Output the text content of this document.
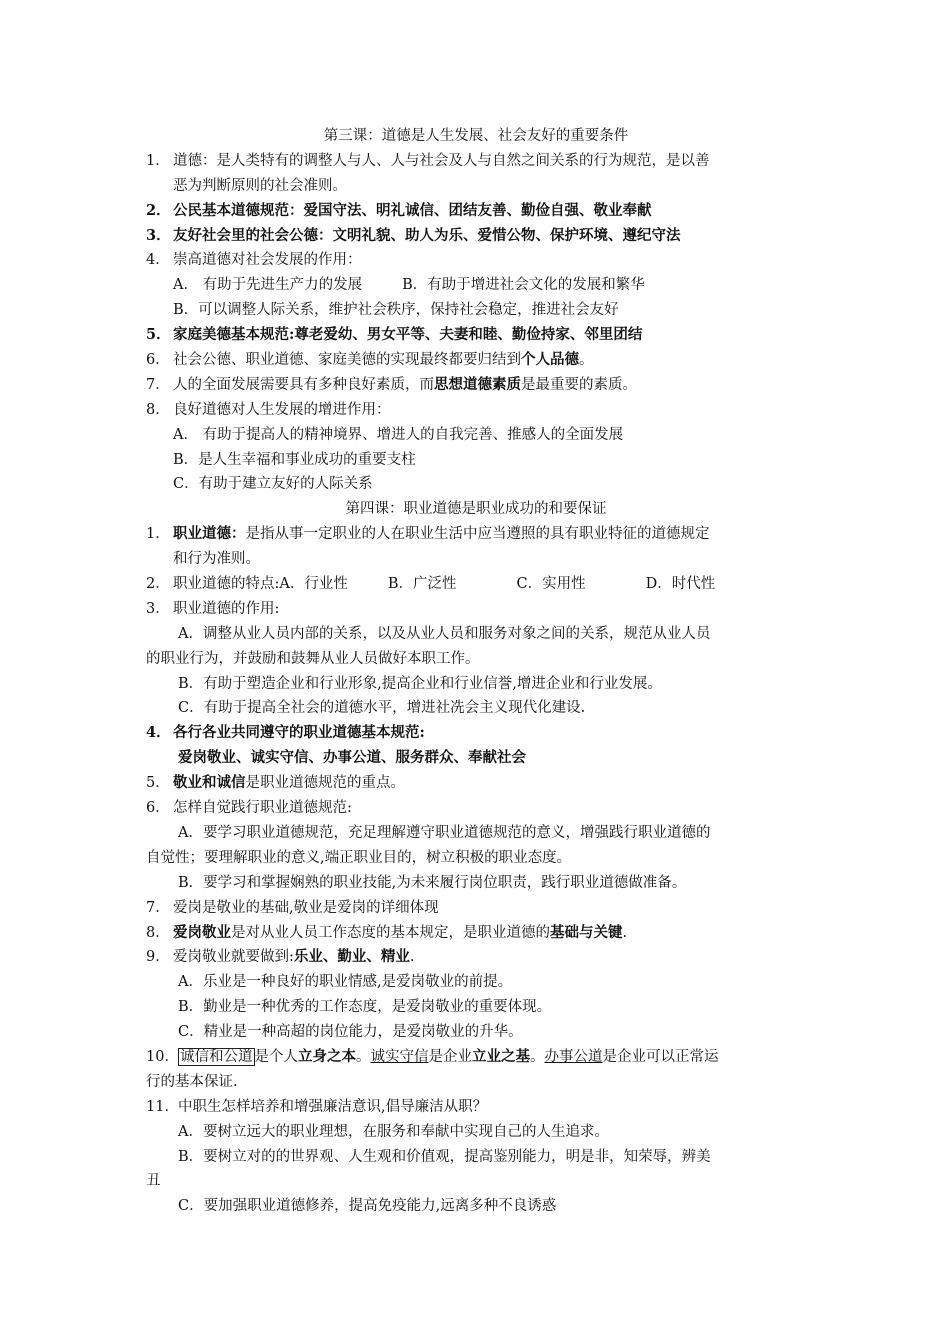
第三课：道德是人生发展、社会友好的重要条件
1． 道德：是人类特有的调整人与人、人与社会及人与自然之间关系的行为规范，是以善
恶为判断原则的社会准则。
2． 公民基本道德规范：爱国守法、明礼诚信、团结友善、勤俭自强、敬业奉献
3． 友好社会里的社会公德：文明礼貌、助人为乐、爱惜公物、保护环境、遵纪守法
4． 崇高道德对社会发展的作用：
A． 有助于先进生产力的发展	B．有助于增进社会文化的发展和繁华
B．可以调整人际关系，维护社会秩序，保持社会稳定，推进社会友好
5． 家庭美德基本规范:尊老爱幼、男女平等、夫妻和睦、勤俭持家、邻里团结
6． 社会公德、职业道德、家庭美德的实现最终都要归结到个人品德。
7． 人的全面发展需要具有多种良好素质，而思想道德素质是最重要的素质。
8． 良好道德对人生发展的增进作用：
A． 有助于提高人的精神境界、增进人的自我完善、推感人的全面发展
B．是人生幸福和事业成功的重要支柱
C．有助于建立友好的人际关系
第四课：职业道德是职业成功的和要保证
1． 职业道德：是指从事一定职业的人在职业生活中应当遵照的具有职业特征的道德规定
和行为准则。
2． 职业道德的特点:A．行业性	B．广泛性	C．实用性	D．时代性
3． 职业道德的作用:
A．调整从业人员内部的关系，以及从业人员和服务对象之间的关系，规范从业人员
的职业行为，并鼓励和鼓舞从业人员做好本职工作。
B．有助于塑造企业和行业形象,提高企业和行业信誉,增进企业和行业发展。
C．有助于提高全社会的道德水平，增进社冼会主义现代化建设.
4． 各行各业共同遵守的职业道德基本规范:
爱岗敬业、诚实守信、办事公道、服务群众、奉献社会
5． 敬业和诚信是职业道德规范的重点。
6． 怎样自觉践行职业道德规范:
A．要学习职业道德规范，充足理解遵守职业道德规范的意义，增强践行职业道德的
自觉性；要理解职业的意义,端正职业目的，树立积极的职业态度。
B．要学习和掌握娴熟的职业技能,为未来履行岗位职责，践行职业道德做准备。
7． 爱岗是敬业的基础,敬业是爱岗的详细体现
8． 爱岗敬业是对从业人员工作态度的基本规定，是职业道德的基础与关键.
9． 爱岗敬业就要做到:乐业、勤业、精业.
A．乐业是一种良好的职业情感,是爱岗敬业的前提。
B．勤业是一种优秀的工作态度，是爱岗敬业的重要体现。
C．精业是一种高超的岗位能力，是爱岗敬业的升华。
10．诚信和公道 是个人立身之本。诚实守信是企业立业之基。办事公道是企业可以正常运
行的基本保证.
11．中职生怎样培养和增强廉洁意识,倡导廉洁从职？
A．要树立远大的职业理想，在服务和奉献中实现自己的人生追求。
B．要树立对的的世界观、人生观和价值观，提高鉴别能力，明是非，知荣辱，辨美
丑
C．要加强职业道德修养，提高免疫能力,远离多种不良诱惑
